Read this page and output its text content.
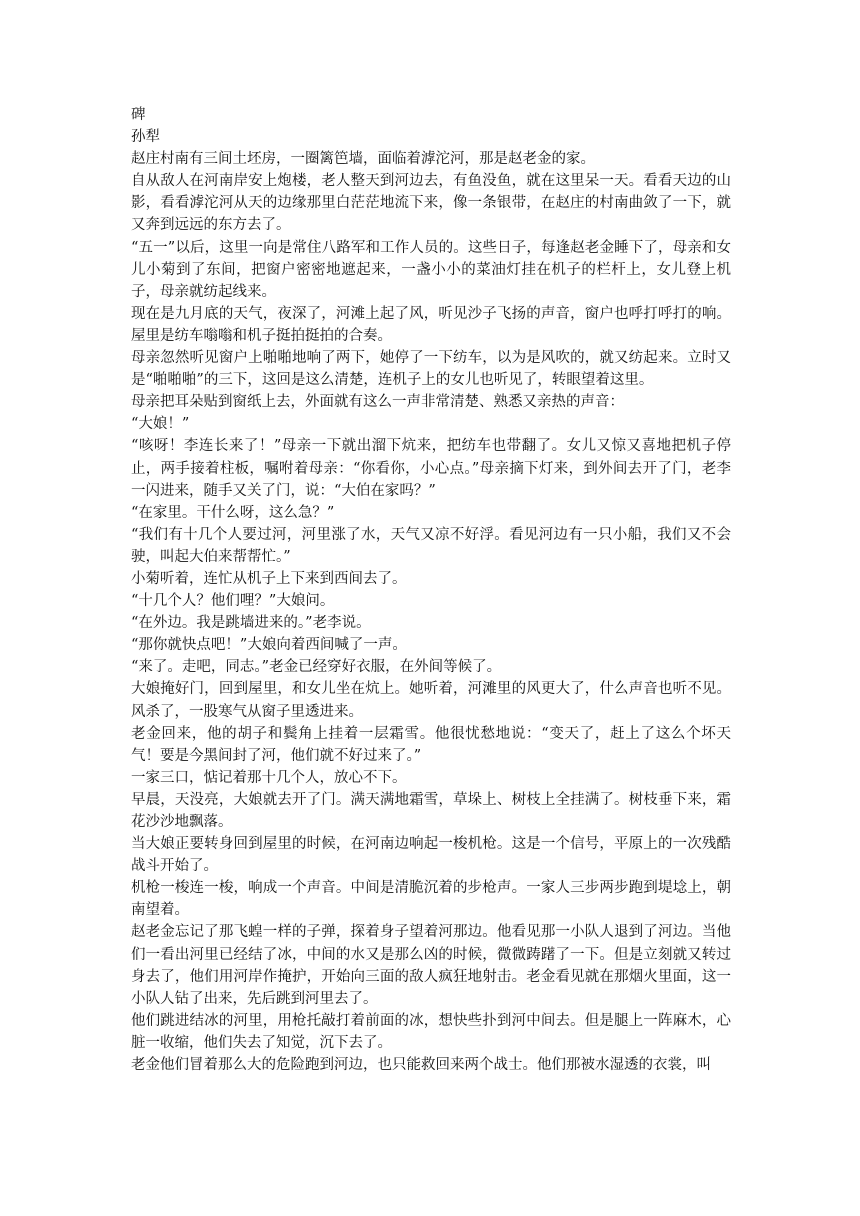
碑

孙犁

赵庄村南有三间土坯房，一圈篱笆墙，面临着滹沱河，那是赵老金的家。

自从敌人在河南岸安上炮楼，老人整天到河边去，有鱼没鱼，就在这里呆一天。看看天边的山影，看看滹沱河从天的边缘那里白茫茫地流下来，像一条银带，在赵庄的村南曲敛了一下，就又奔到远远的东方去了。

“五一”以后，这里一向是常住八路军和工作人员的。这些日子，每逢赵老金睡下了，母亲和女儿小菊到了东间，把窗户密密地遮起来，一盏小小的菜油灯挂在机子的栏杆上，女儿登上机子，母亲就纺起线来。

现在是九月底的天气，夜深了，河滩上起了风，听见沙子飞扬的声音，窗户也呼打呼打的响。屋里是纺车嗡嗡和机子挺拍挺拍的合奏。

母亲忽然听见窗户上啪啪地响了两下，她停了一下纺车，以为是风吹的，就又纺起来。立时又是“啪啪啪”的三下，这回是这么清楚，连机子上的女儿也听见了，转眼望着这里。

母亲把耳朵贴到窗纸上去，外面就有这么一声非常清楚、熟悉又亲热的声音：

“大娘！”

“咳呀！李连长来了！”母亲一下就出溜下炕来，把纺车也带翻了。女儿又惊又喜地把机子停止，两手接着柱板，嘱咐着母亲：“你看你，小心点。”母亲摘下灯来，到外间去开了门，老李一闪进来，随手又关了门，说：“大伯在家吗？”

“在家里。干什么呀，这么急？”

“我们有十几个人要过河，河里涨了水，天气又凉不好浮。看见河边有一只小船，我们又不会驶，叫起大伯来帮帮忙。”

小菊听着，连忙从机子上下来到西间去了。

“十几个人？他们哩？”大娘问。

“在外边。我是跳墙进来的。”老李说。

“那你就快点吧！”大娘向着西间喊了一声。

“来了。走吧，同志。”老金已经穿好衣服，在外间等候了。

大娘掩好门，回到屋里，和女儿坐在炕上。她听着，河滩里的风更大了，什么声音也听不见。风杀了，一股寒气从窗子里透进来。

老金回来，他的胡子和鬓角上挂着一层霜雪。他很忧愁地说：“变天了，赶上了这么个坏天气！要是今黑间封了河，他们就不好过来了。”

一家三口，惦记着那十几个人，放心不下。

早晨，天没亮，大娘就去开了门。满天满地霜雪，草垛上、树枝上全挂满了。树枝垂下来，霜花沙沙地飘落。

当大娘正要转身回到屋里的时候，在河南边响起一梭机枪。这是一个信号，平原上的一次残酷战斗开始了。

机枪一梭连一梭，响成一个声音。中间是清脆沉着的步枪声。一家人三步两步跑到堤埝上，朝南望着。

赵老金忘记了那飞蝗一样的子弹，探着身子望着河那边。他看见那一小队人退到了河边。当他们一看出河里已经结了冰，中间的水又是那么凶的时候，微微踌躇了一下。但是立刻就又转过身去了，他们用河岸作掩护，开始向三面的敌人疯狂地射击。老金看见就在那烟火里面，这一小队人钻了出来，先后跳到河里去了。

他们跳进结冰的河里，用枪托敲打着前面的冰，想快些扑到河中间去。但是腿上一阵麻木，心脏一收缩，他们失去了知觉，沉下去了。

老金他们冒着那么大的危险跑到河边，也只能救回来两个战士。他们那被水湿透的衣裳，叫
